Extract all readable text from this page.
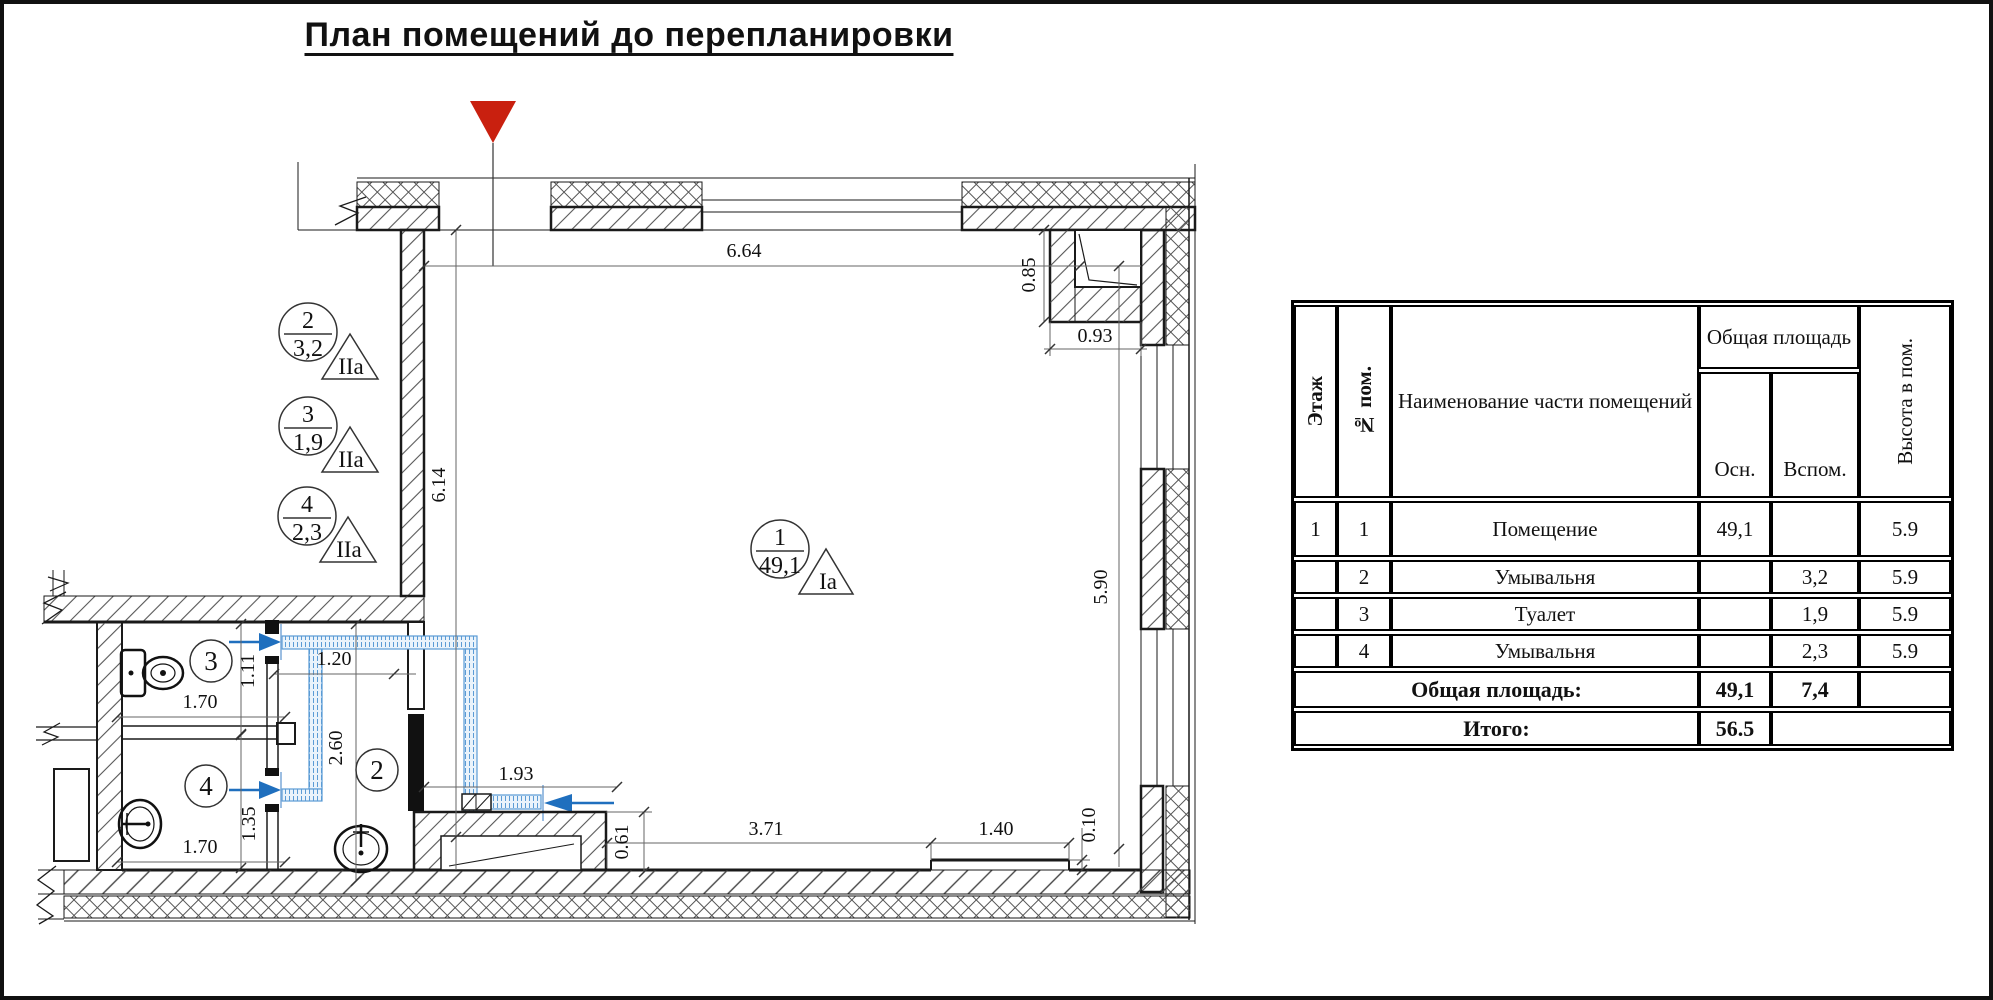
План помещений до перепланировки
6.64
0.85
0.93
6.14
5.90
1.11	1.20
1.70
2.60
1.70
1.35
1.93
0.61	3.71	1.40	0.10
2
3,2
IIa
3
1,9
IIa
4
2,3
IIa	1
49,1
Ia
3
4
2
Этаж	№ пом.	Наименование части помещений	Общая площадь		Высота в пом.

			Осн.	Вспом.	
1	1	Помещение	49,1		5.9
	2	Умывальня		3,2	5.9
	3	Туалет		1,9	5.9
	4	Умывальня		2,3	5.9
Общая площадь:			49,1	7,4	
Итого:			56.5		
